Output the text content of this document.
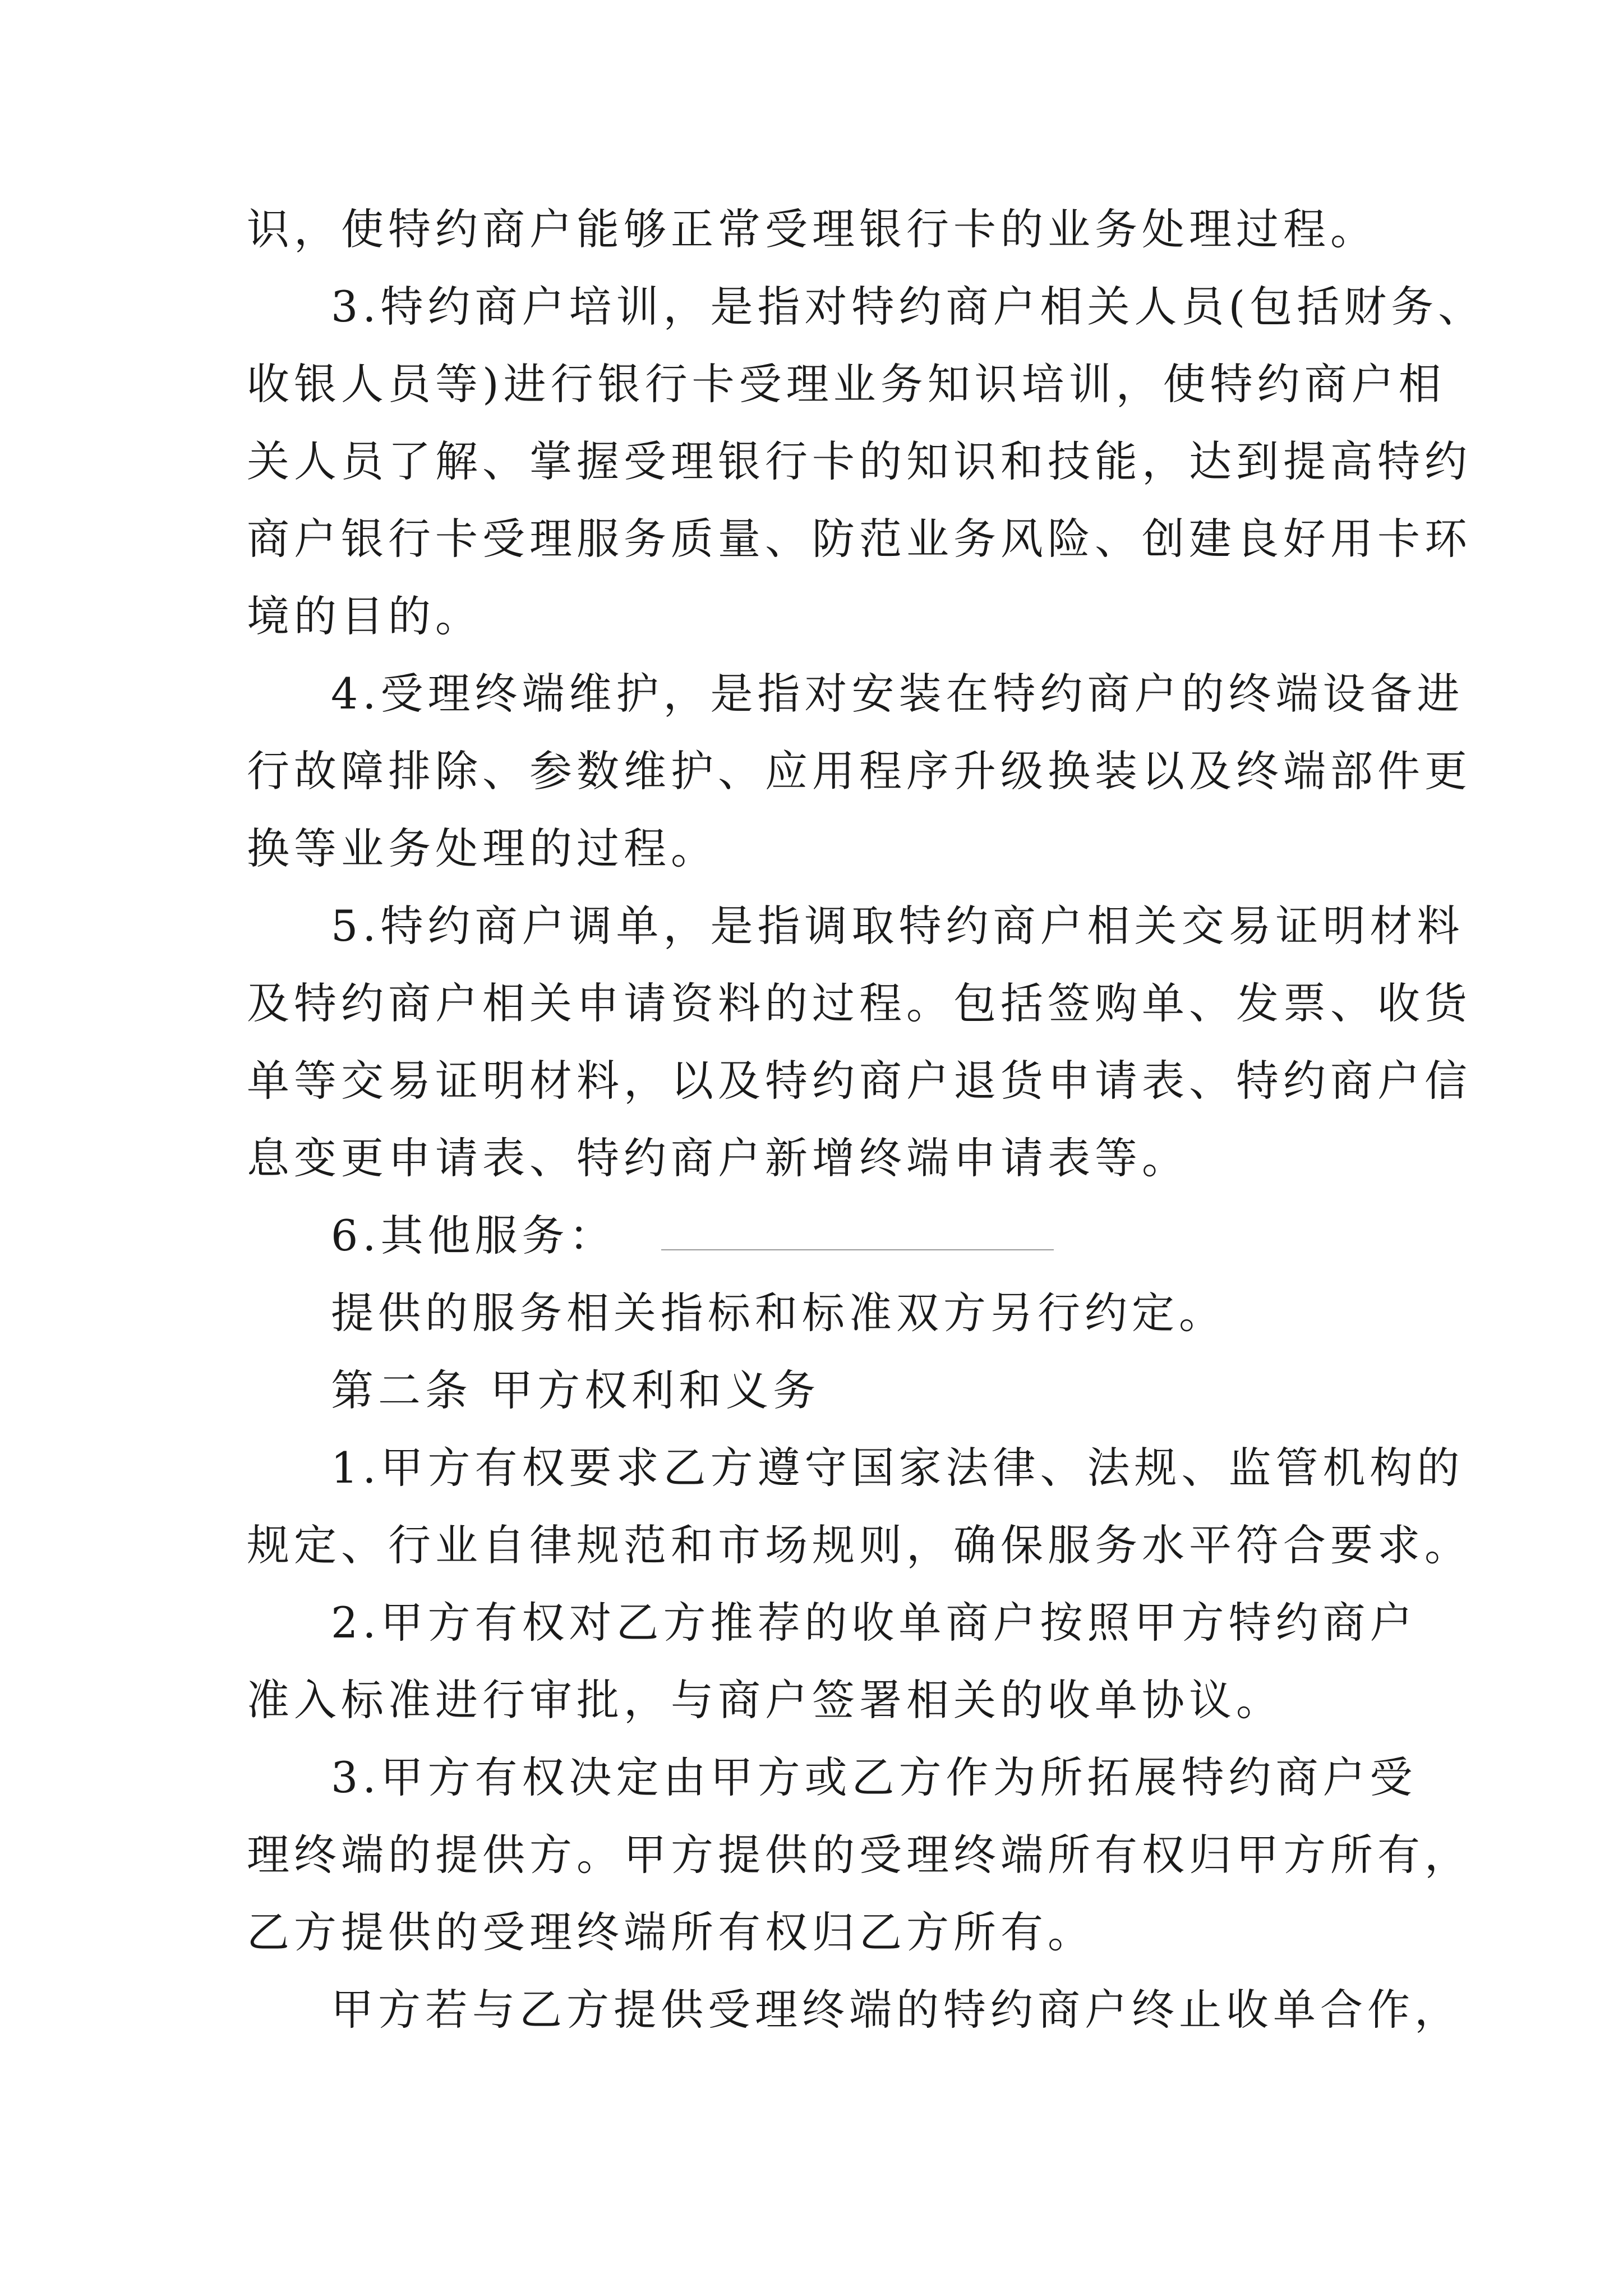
识，使特约商户能够正常受理银行卡的业务处理过程。
3.特约商户培训，是指对特约商户相关人员(包括财务、
收银人员等)进行银行卡受理业务知识培训，使特约商户相
关人员了解、掌握受理银行卡的知识和技能，达到提高特约
商户银行卡受理服务质量、防范业务风险、创建良好用卡环
境的目的。
4.受理终端维护，是指对安装在特约商户的终端设备进
行故障排除、参数维护、应用程序升级换装以及终端部件更
换等业务处理的过程。
5.特约商户调单，是指调取特约商户相关交易证明材料
及特约商户相关申请资料的过程。包括签购单、发票、收货
单等交易证明材料，以及特约商户退货申请表、特约商户信
息变更申请表、特约商户新增终端申请表等。
6.其他服务：
提供的服务相关指标和标准双方另行约定。
第二条 甲方权利和义务
1.甲方有权要求乙方遵守国家法律、法规、监管机构的
规定、行业自律规范和市场规则，确保服务水平符合要求。
2.甲方有权对乙方推荐的收单商户按照甲方特约商户
准入标准进行审批，与商户签署相关的收单协议。
3.甲方有权决定由甲方或乙方作为所拓展特约商户受
理终端的提供方。甲方提供的受理终端所有权归甲方所有，
乙方提供的受理终端所有权归乙方所有。
甲方若与乙方提供受理终端的特约商户终止收单合作，
